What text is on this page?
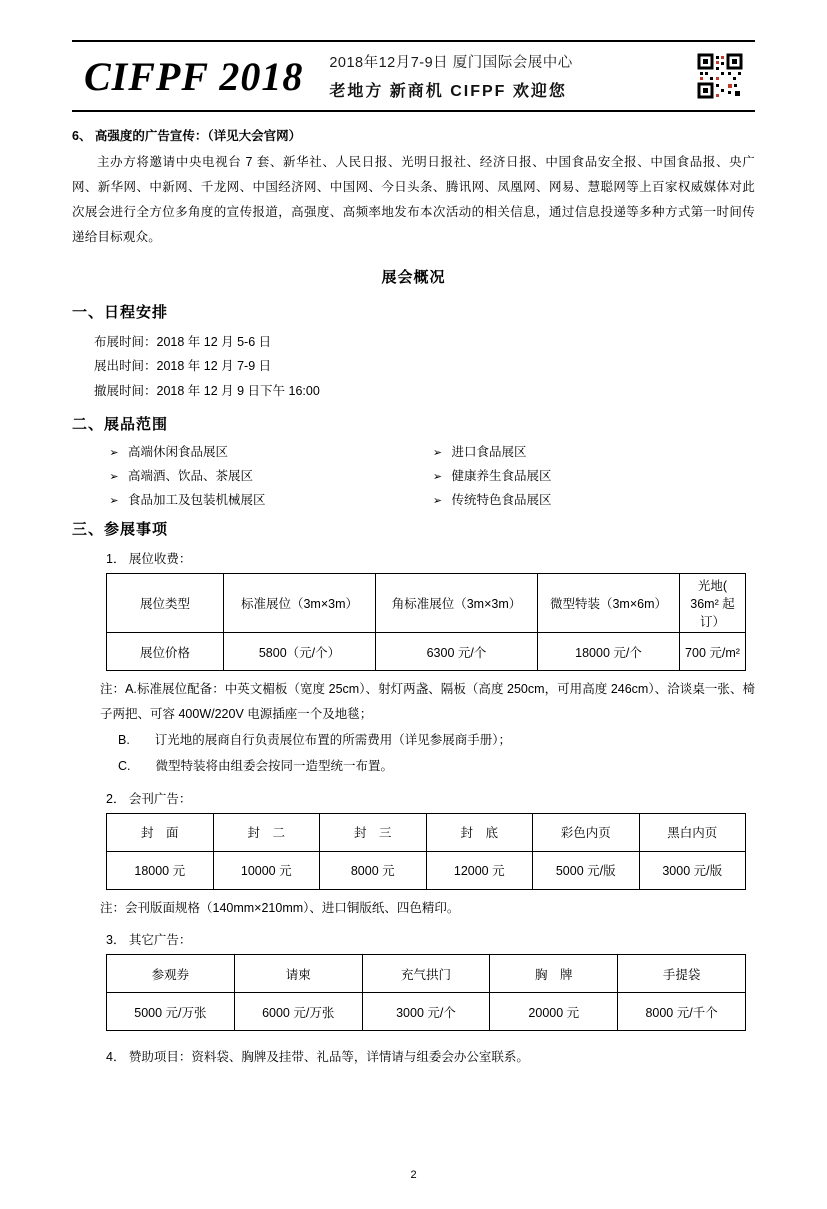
CIFPF 2018 2018年12月7-9日 厦门国际会展中心
老地方 新商机 CIFPF 欢迎您
6、 高强度的广告宣传：（详见大会官网）

主办方将邀请中央电视台 7 套、新华社、人民日报、光明日报社、经济日报、中国食品安全报、中国食品报、央广网、新华网、中新网、千龙网、中国经济网、中国网、今日头条、腾讯网、凤凰网、网易、慧聪网等上百家权威媒体对此次展会进行全方位多角度的宣传报道，高强度、高频率地发布本次活动的相关信息，通过信息投递等多种方式第一时间传递给目标观众。

展会概况
一、日程安排
布展时间：2018 年 12 月 5-6 日
展出时间：2018 年 12 月 7-9 日
撤展时间：2018 年 12 月 9 日下午 16:00
二、展品范围
➢ 高端休闲食品展区	➢ 进口食品展区
➢ 高端酒、饮品、茶展区	➢ 健康养生食品展区
➢ 食品加工及包装机械展区	➢ 传统特色食品展区
三、参展事项
1． 展位收费：
展位类型	标准展位（3m×3m）	角标准展位（3m×3m）	微型特装（3m×6m）	光地( 36m² 起订）
展位价格	5800（元/个）	6300 元/个	18000 元/个	700 元/m²
注：A.标准展位配备：中英文楣板（宽度 25cm）、射灯两盏、隔板（高度 250cm，可用高度 246cm）、洽谈桌一张、椅子两把、可容 400W/220V 电源插座一个及地毯；
B.　　订光地的展商自行负责展位布置的所需费用（详见参展商手册）；
C.　　微型特装将由组委会按同一造型统一布置。
2． 会刊广告：
封　面	封　二	封　三	封　底	彩色内页	黑白内页
18000 元	10000 元	8000 元	12000 元	5000 元/版	3000 元/版
注：会刊版面规格（140mm×210mm）、进口铜版纸、四色精印。
3． 其它广告：
参观券	请柬	充气拱门	胸　牌	手提袋
5000 元/万张	6000 元/万张	3000 元/个	20000 元	8000 元/千个
4． 赞助项目：资料袋、胸牌及挂带、礼品等，详情请与组委会办公室联系。
2
